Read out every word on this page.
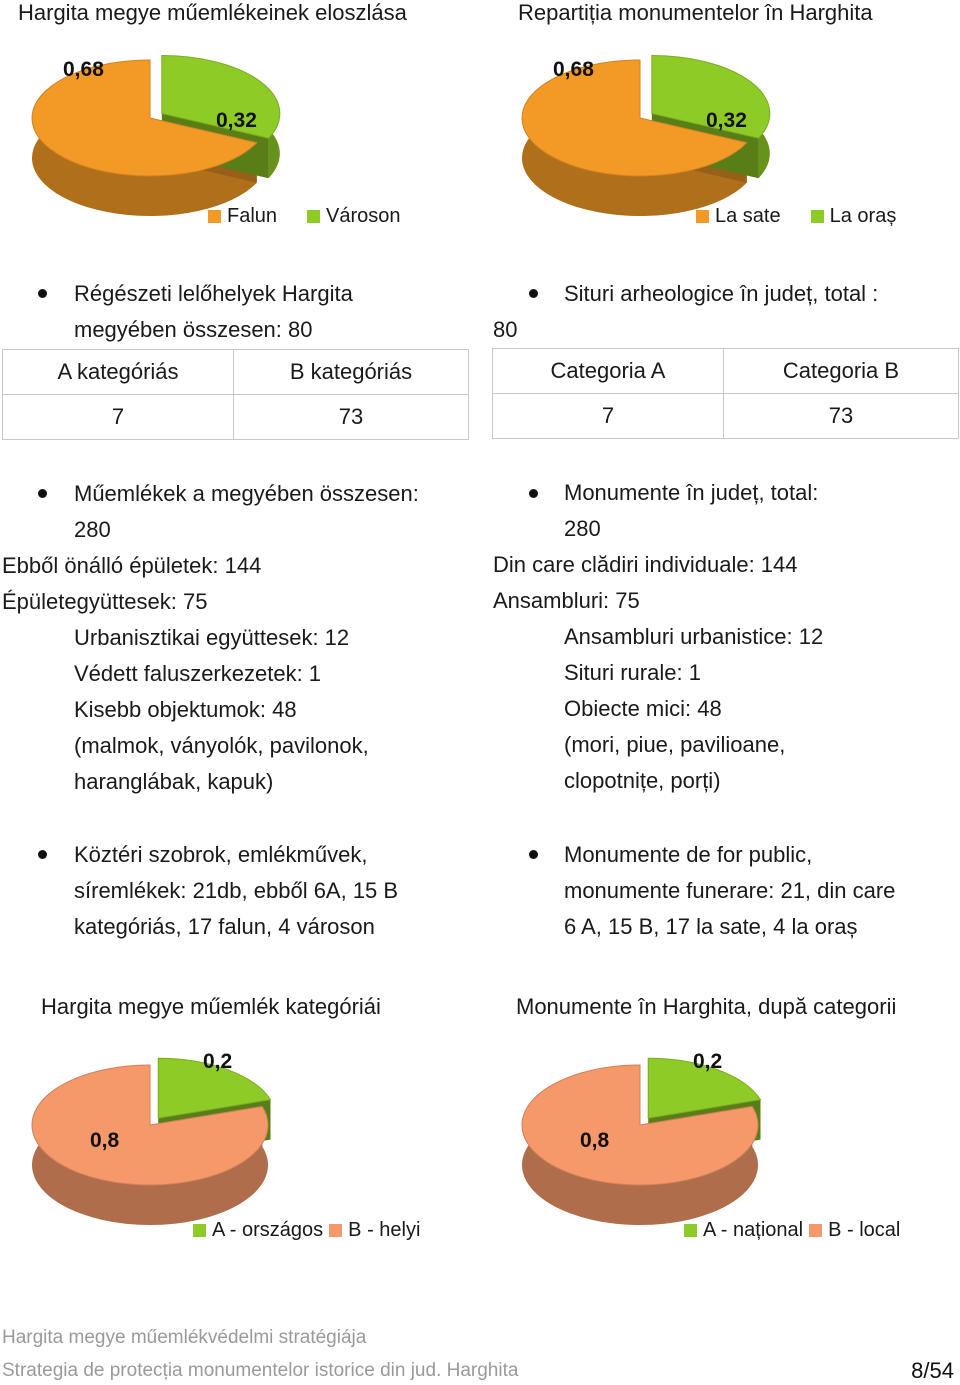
Hargita megye műemlékeinek eloszlása	Repartiția monumentelor în Harghita
0,68
0,32
0,68
0,32
Falun Városon	La sate La oraș
Régészeti lelőhelyek Hargita
megyében összesen: 80
Situri arheologice în județ, total :
80
A kategóriás	B kategóriás
7	73
Categoria A	Categoria B
7	73
Műemlékek a megyében összesen:
280
Ebből önálló épületek: 144
Épületegyüttesek: 75
Urbanisztikai együttesek: 12
Védett faluszerkezetek: 1
Kisebb objektumok: 48
(malmok, ványolók, pavilonok,
haranglábak, kapuk)
Monumente în județ, total:
280
Din care clădiri individuale: 144
Ansambluri: 75
Ansambluri urbanistice: 12
Situri rurale: 1
Obiecte mici: 48
(mori, piue, pavilioane,
clopotnițe, porți)
Köztéri szobrok, emlékművek,
síremlékek: 21db, ebből 6A, 15 B
kategóriás, 17 falun, 4 városon
Monumente de for public,
monumente funerare: 21, din care
6 A, 15 B, 17 la sate, 4 la oraș
Hargita megye műemlék kategóriái	Monumente în Harghita, după categorii
0,2
0,8
0,2
0,8
A - országos B - helyi	A - național B - local
Hargita megye műemlékvédelmi stratégiája
Strategia de protecția monumentelor istorice din jud. Harghita	8/54
